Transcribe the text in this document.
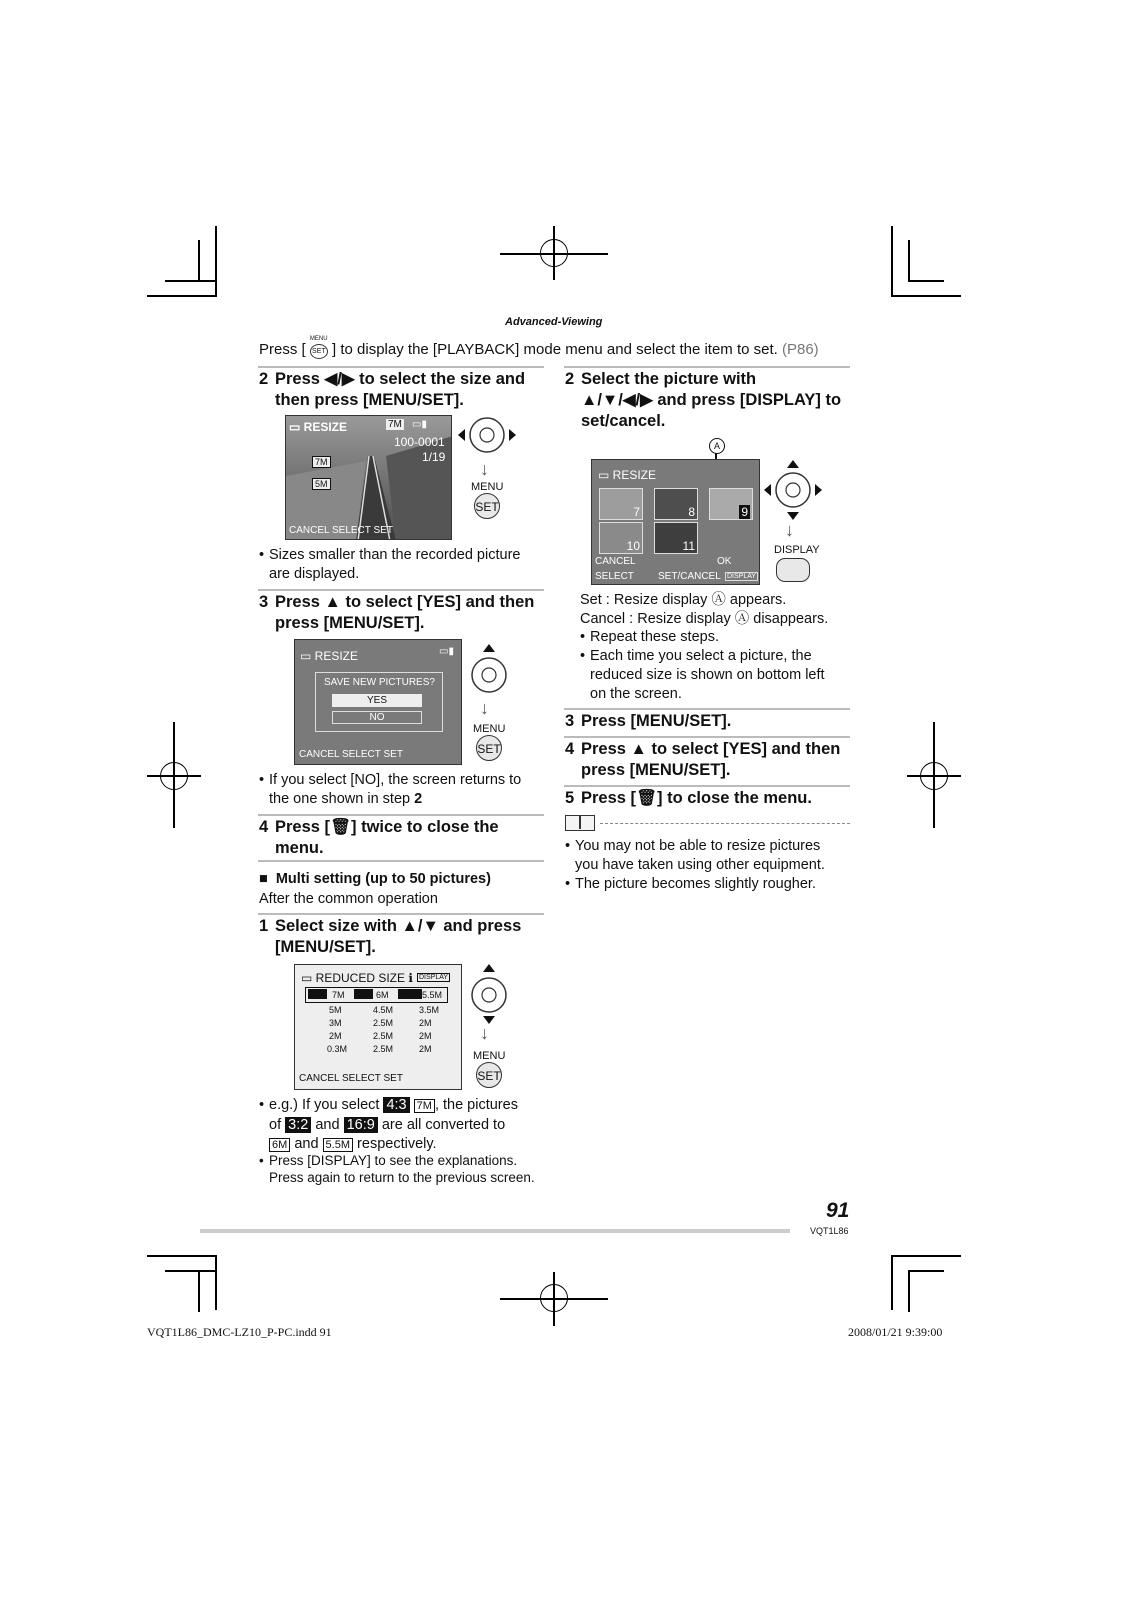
Advanced-Viewing
Press [
MENU
SET ] to display the [PLAYBACK] mode menu and select the item to set. (P86)
2 Press ◀/▶ to select the size and
then press [MENU/SET].
▭ RESIZE	7M ▭▮
100-0001
1/19
7M
5M
CANCEL SELECT SET
↓
MENU
SET
• Sizes smaller than the recorded picture
are displayed.
3 Press ▲ to select [YES] and then
press [MENU/SET].
▭ RESIZE	▭▮
SAVE NEW PICTURES?
YES
NO
CANCEL SELECT SET
↓
MENU
SET
• If you select [NO], the screen returns to
the one shown in step 2
4 Press [🗑] twice to close the
menu.
■ Multi setting (up to 50 pictures)
After the common operation
1 Select size with ▲/▼ and press
[MENU/SET].
▭ REDUCED SIZE ℹ DISPLAY
4:3 7M	3:2 6M	16:9 5.5M
5M	4.5M	3.5M
3M	2.5M	2M
2M	2.5M	2M
0.3M	2.5M	2M
CANCEL SELECT SET
↓
MENU
SET
• e.g.) If you select 4:3 7M , the pictures
of 3:2 and 16:9 are all converted to
6M and 5.5M respectively.
• Press [DISPLAY] to see the explanations.
Press again to return to the previous screen.
2 Select the picture with
▲/▼/◀/▶ and press [DISPLAY] to
set/cancel.
A
▭ RESIZE
7	8	9
10	11
CANCEL	OK
SELECT SET/CANCEL DISPLAY
↓
DISPLAY
Set : Resize display Ⓐ appears.
Cancel : Resize display Ⓐ disappears.
• Repeat these steps.
• Each time you select a picture, the
reduced size is shown on bottom left
on the screen.
3 Press [MENU/SET].
4 Press ▲ to select [YES] and then
press [MENU/SET].
5 Press [🗑] to close the menu.
• You may not be able to resize pictures
you have taken using other equipment.
• The picture becomes slightly rougher.
91
VQT1L86
VQT1L86_DMC-LZ10_P-PC.indd 91	2008/01/21 9:39:00
